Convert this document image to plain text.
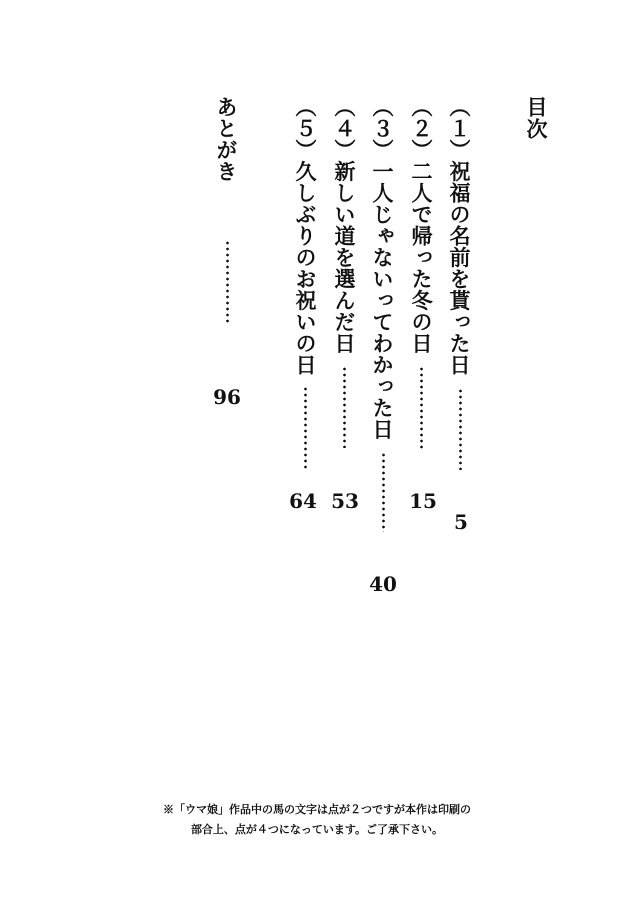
目次
（１）祝福の名前を貰った日
5
（２）二人で帰った冬の日
15
（３）一人じゃないってわかった日
40
（４）新しい道を選んだ日
53
（５）久しぶりのお祝いの日
64
あとがき
96
※「ウマ娘」作品中の馬の文字は点が２つですが本作は印刷の
部合上、点が４つになっています。ご了承下さい。
